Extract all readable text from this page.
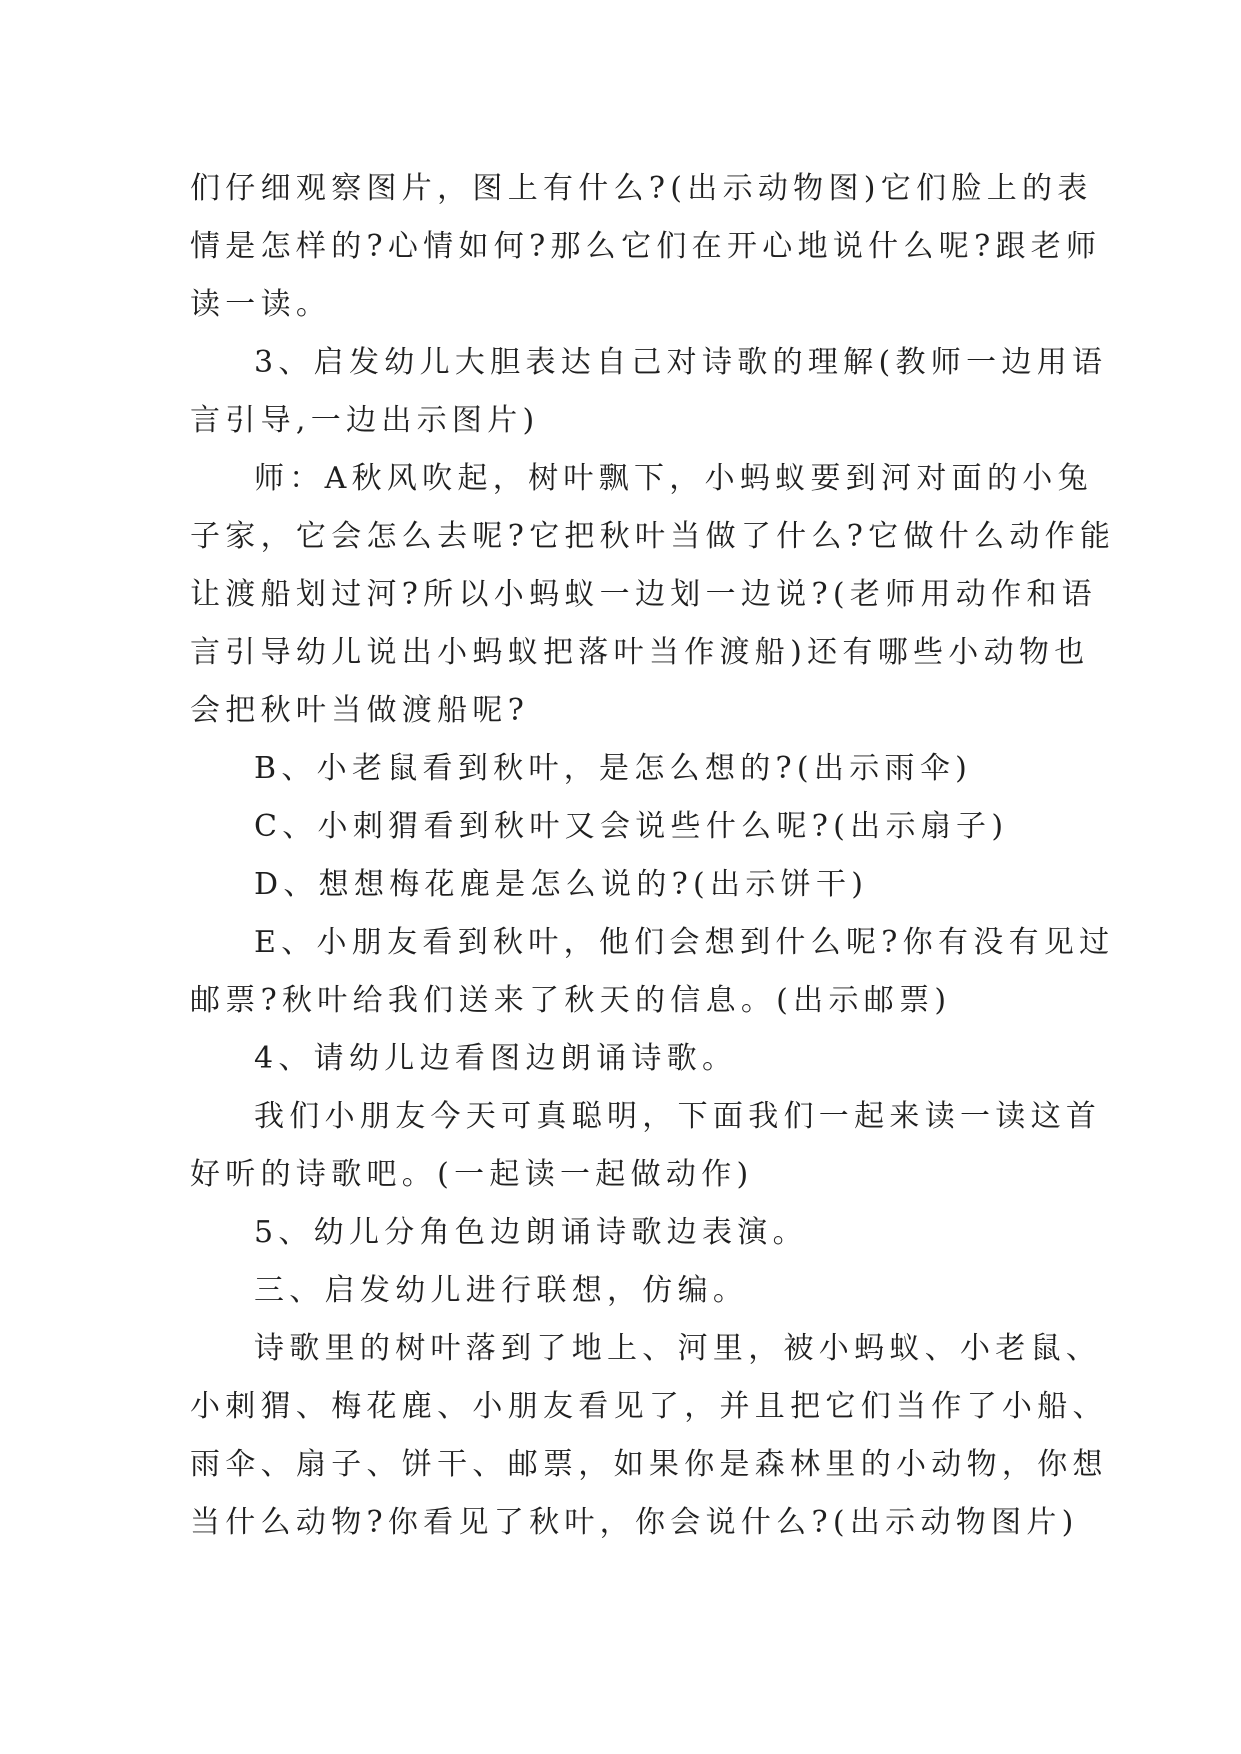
们仔细观察图片，图上有什么?(出示动物图)它们脸上的表
情是怎样的?心情如何?那么它们在开心地说什么呢?跟老师
读一读。
3、启发幼儿大胆表达自己对诗歌的理解(教师一边用语
言引导,一边出示图片)
师：A秋风吹起，树叶飘下，小蚂蚁要到河对面的小兔
子家，它会怎么去呢?它把秋叶当做了什么?它做什么动作能
让渡船划过河?所以小蚂蚁一边划一边说?(老师用动作和语
言引导幼儿说出小蚂蚁把落叶当作渡船)还有哪些小动物也
会把秋叶当做渡船呢?
B、小老鼠看到秋叶，是怎么想的?(出示雨伞)
C、小刺猬看到秋叶又会说些什么呢?(出示扇子)
D、想想梅花鹿是怎么说的?(出示饼干)
E、小朋友看到秋叶，他们会想到什么呢?你有没有见过
邮票?秋叶给我们送来了秋天的信息。(出示邮票)
4、请幼儿边看图边朗诵诗歌。
我们小朋友今天可真聪明，下面我们一起来读一读这首
好听的诗歌吧。(一起读一起做动作)
5、幼儿分角色边朗诵诗歌边表演。
三、启发幼儿进行联想，仿编。
诗歌里的树叶落到了地上、河里，被小蚂蚁、小老鼠、
小刺猬、梅花鹿、小朋友看见了，并且把它们当作了小船、
雨伞、扇子、饼干、邮票，如果你是森林里的小动物，你想
当什么动物?你看见了秋叶，你会说什么?(出示动物图片)
